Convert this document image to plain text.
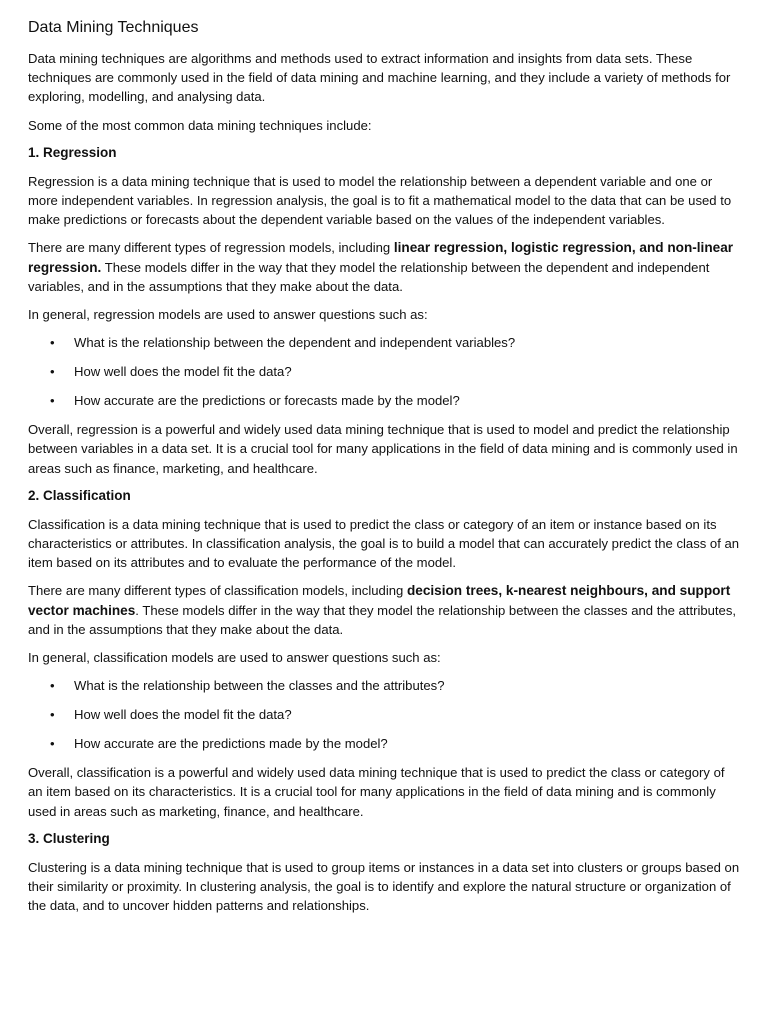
Data Mining Techniques

Data mining techniques are algorithms and methods used to extract information and insights from data sets. These techniques are commonly used in the field of data mining and machine learning, and they include a variety of methods for exploring, modelling, and analysing data.

Some of the most common data mining techniques include:

1. Regression

Regression is a data mining technique that is used to model the relationship between a dependent variable and one or more independent variables. In regression analysis, the goal is to fit a mathematical model to the data that can be used to make predictions or forecasts about the dependent variable based on the values of the independent variables.

There are many different types of regression models, including linear regression, logistic regression, and non-linear regression. These models differ in the way that they model the relationship between the dependent and independent variables, and in the assumptions that they make about the data.

In general, regression models are used to answer questions such as:

• What is the relationship between the dependent and independent variables?
• How well does the model fit the data?
• How accurate are the predictions or forecasts made by the model?

Overall, regression is a powerful and widely used data mining technique that is used to model and predict the relationship between variables in a data set. It is a crucial tool for many applications in the field of data mining and is commonly used in areas such as finance, marketing, and healthcare.

2. Classification

Classification is a data mining technique that is used to predict the class or category of an item or instance based on its characteristics or attributes. In classification analysis, the goal is to build a model that can accurately predict the class of an item based on its attributes and to evaluate the performance of the model.

There are many different types of classification models, including decision trees, k-nearest neighbours, and support vector machines. These models differ in the way that they model the relationship between the classes and the attributes, and in the assumptions that they make about the data.

In general, classification models are used to answer questions such as:

• What is the relationship between the classes and the attributes?
• How well does the model fit the data?
• How accurate are the predictions made by the model?

Overall, classification is a powerful and widely used data mining technique that is used to predict the class or category of an item based on its characteristics. It is a crucial tool for many applications in the field of data mining and is commonly used in areas such as marketing, finance, and healthcare.

3. Clustering

Clustering is a data mining technique that is used to group items or instances in a data set into clusters or groups based on their similarity or proximity. In clustering analysis, the goal is to identify and explore the natural structure or organization of the data, and to uncover hidden patterns and relationships.
